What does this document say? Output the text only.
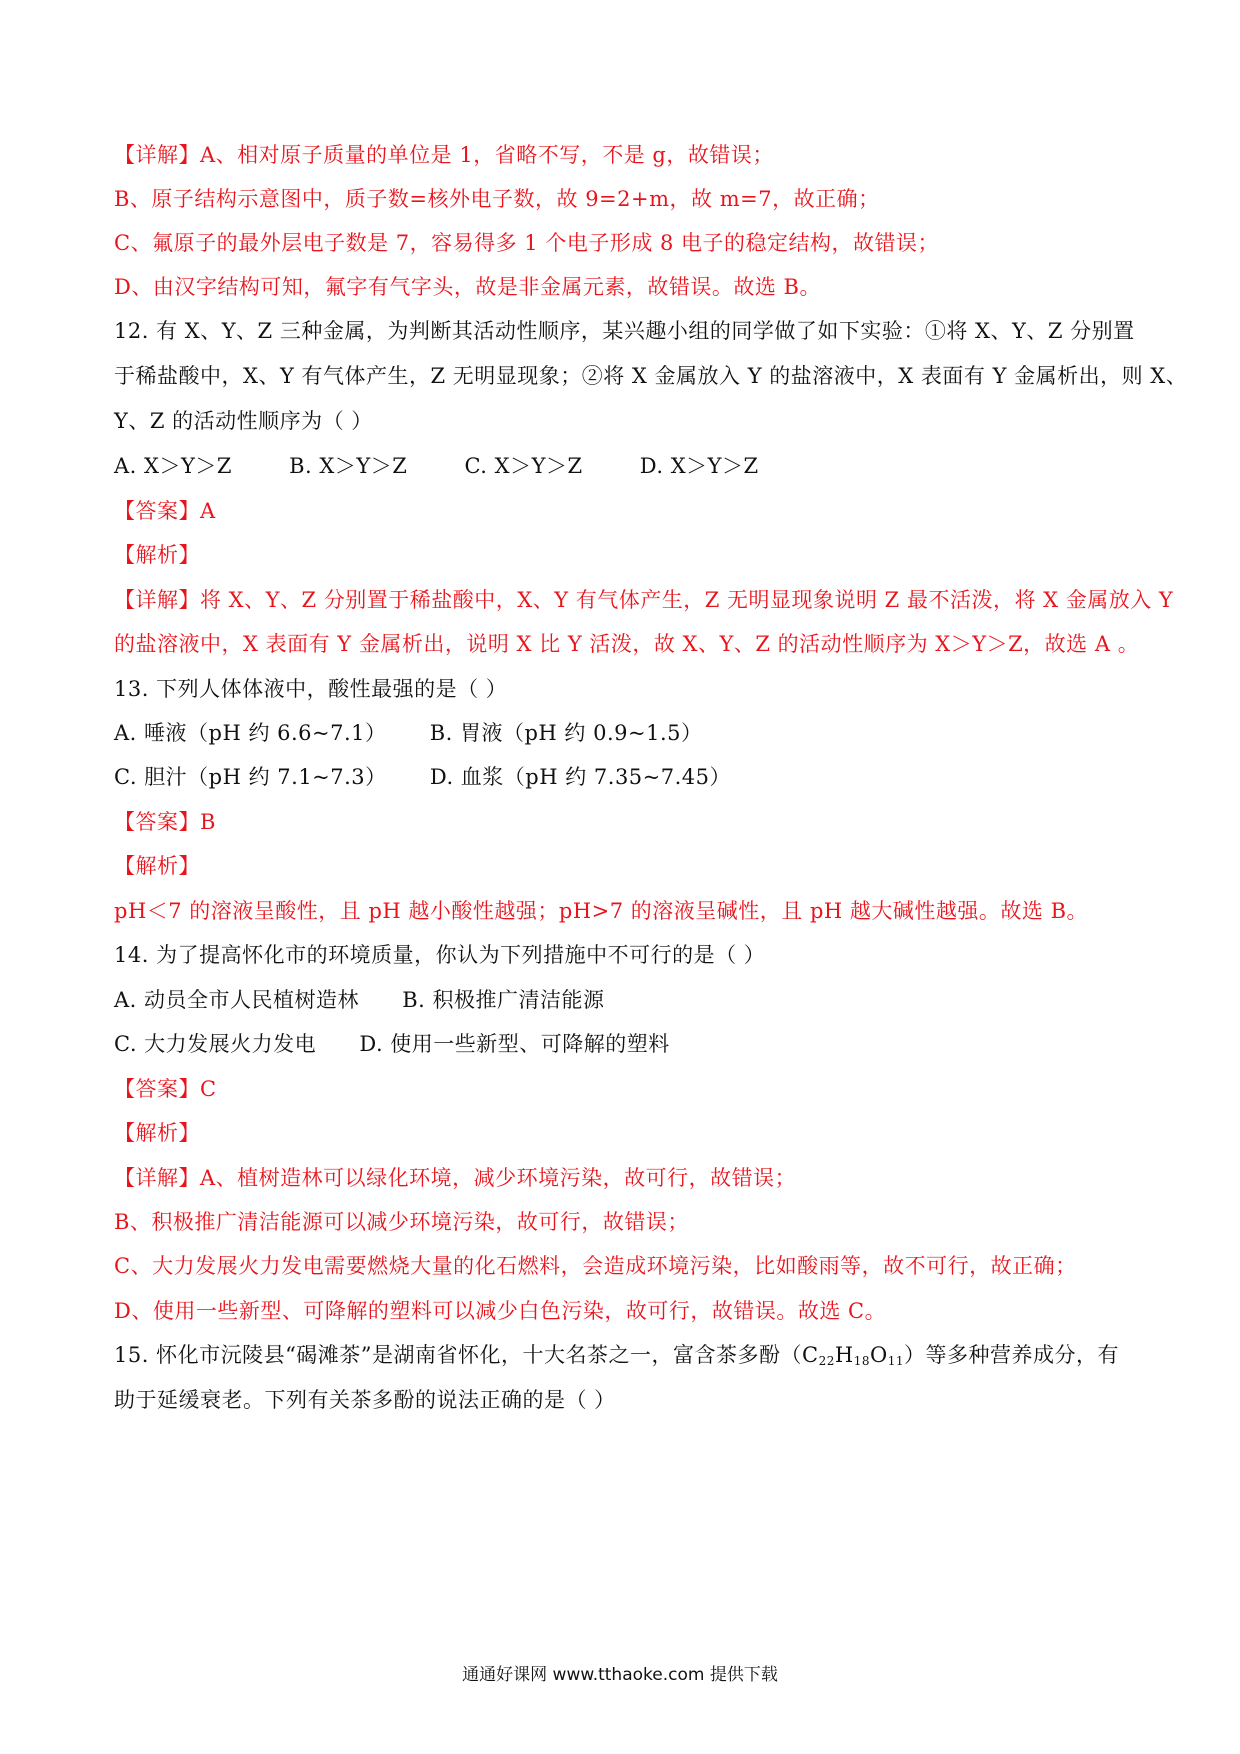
【详解】A、相对原子质量的单位是 1，省略不写，不是 g，故错误；
B、原子结构示意图中，质子数=核外电子数，故 9=2+m，故 m=7，故正确；
C、氟原子的最外层电子数是 7，容易得多 1 个电子形成 8 电子的稳定结构，故错误；
D、由汉字结构可知，氟字有气字头，故是非金属元素，故错误。故选 B。
12. 有 X、Y、Z 三种金属，为判断其活动性顺序，某兴趣小组的同学做了如下实验：①将 X、Y、Z 分别置
于稀盐酸中，X、Y 有气体产生，Z 无明显现象；②将 X 金属放入 Y 的盐溶液中，X 表面有 Y 金属析出，则 X、
Y、Z 的活动性顺序为（ ）
A. X＞Y＞Z	B. X＞Y＞Z	C. X＞Y＞Z	D. X＞Y＞Z
【答案】A
【解析】
【详解】将 X、Y、Z 分别置于稀盐酸中，X、Y 有气体产生，Z 无明显现象说明 Z 最不活泼，将 X 金属放入 Y
的盐溶液中，X 表面有 Y 金属析出，说明 X 比 Y 活泼，故 X、Y、Z 的活动性顺序为 X＞Y＞Z，故选 A 。
13. 下列人体体液中，酸性最强的是（ ）
A. 唾液（pH 约 6.6~7.1） B. 胃液（pH 约 0.9~1.5）
C. 胆汁（pH 约 7.1~7.3） D. 血浆（pH 约 7.35~7.45）
【答案】B
【解析】
pH＜7 的溶液呈酸性，且 pH 越小酸性越强；pH>7 的溶液呈碱性，且 pH 越大碱性越强。故选 B。
14. 为了提高怀化市的环境质量，你认为下列措施中不可行的是（ ）
A. 动员全市人民植树造林 B. 积极推广清洁能源
C. 大力发展火力发电 D. 使用一些新型、可降解的塑料
【答案】C
【解析】
【详解】A、植树造林可以绿化环境，减少环境污染，故可行，故错误；
B、积极推广清洁能源可以减少环境污染，故可行，故错误；
C、大力发展火力发电需要燃烧大量的化石燃料，会造成环境污染，比如酸雨等，故不可行，故正确；
D、使用一些新型、可降解的塑料可以减少白色污染，故可行，故错误。故选 C。
15. 怀化市沅陵县“碣滩茶”是湖南省怀化，十大名茶之一，富含茶多酚$(C_{22}H_{18}O_{11})$等多种营养成分，有
助于延缓衰老。下列有关茶多酚的说法正确的是（ ）
通通好课网 www.tthaoke.com 提供下载
